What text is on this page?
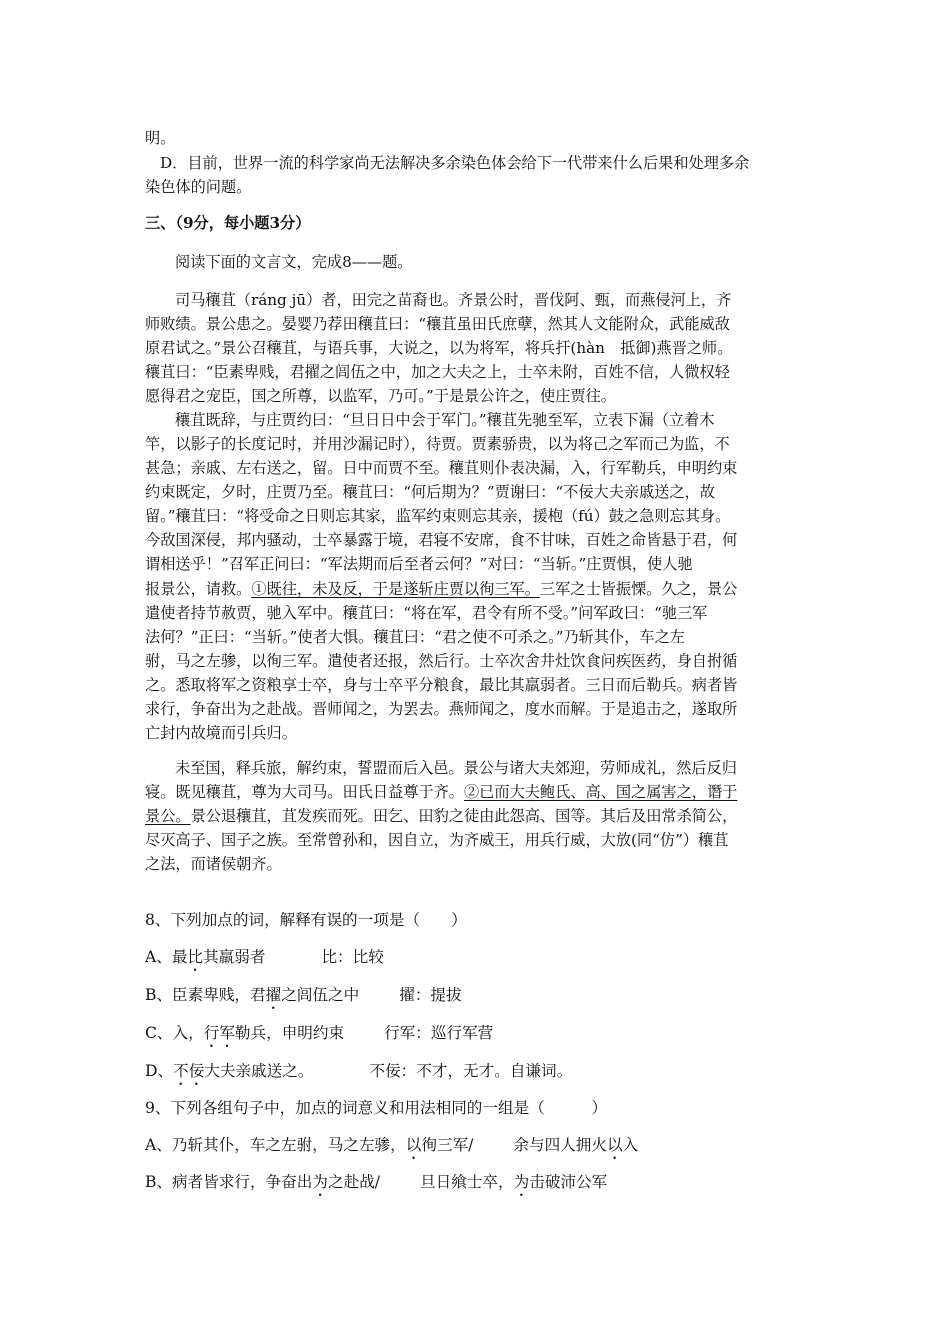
明。
D．目前，世界一流的科学家尚无法解决多余染色体会给下一代带来什么后果和处理多余
染色体的问题。
三、（9分，每小题3分）
阅读下面的文言文，完成8——题。
司马穰苴（ráng jū）者，田完之苗裔也。齐景公时，晋伐阿、甄，而燕侵河上，齐
师败绩。景公患之。晏婴乃荐田穰苴曰：“穰苴虽田氏庶孽，然其人文能附众，武能威敌
原君试之。”景公召穰苴，与语兵事，大说之，以为将军，将兵扞(hàn　抵御)燕晋之师。
穰苴曰：“臣素卑贱，君擢之闾伍之中，加之大夫之上，士卒未附，百姓不信，人微权轻
愿得君之宠臣，国之所尊，以监军，乃可。”于是景公许之，使庄贾往。
穰苴既辞，与庄贾约曰：“旦日日中会于军门。”穰苴先驰至军，立表下漏（立着木
竿，以影子的长度记时，并用沙漏记时），待贾。贾素骄贵，以为将己之军而己为监，不
甚急；亲戚、左右送之，留。日中而贾不至。穰苴则仆表决漏，入，行军勒兵，申明约束
约束既定，夕时，庄贾乃至。穰苴曰：“何后期为？”贾谢曰：“不佞大夫亲戚送之，故
留。”穰苴曰：“将受命之日则忘其家，监军约束则忘其亲，援枹（fú）鼓之急则忘其身。
今敌国深侵，邦内骚动，士卒暴露于境，君寝不安席，食不甘味，百姓之命皆悬于君，何
谓相送乎！”召军正问曰：“军法期而后至者云何？”对曰：“当斩。”庄贾惧，使人驰
报景公，请救。①既往，未及反，于是遂斩庄贾以徇三军。三军之士皆振慄。久之，景公
遣使者持节赦贾，驰入军中。穰苴曰：“将在军，君令有所不受。”问军政曰：“驰三军
法何？”正曰：“当斩。”使者大惧。穰苴曰：“君之使不可杀之。”乃斩其仆，车之左
驸，马之左骖，以徇三军。遣使者还报，然后行。士卒次舍井灶饮食问疾医药，身自拊循
之。悉取将军之资粮享士卒，身与士卒平分粮食，最比其羸弱者。三日而后勒兵。病者皆
求行，争奋出为之赴战。晋师闻之，为罢去。燕师闻之，度水而解。于是追击之，遂取所
亡封内故境而引兵归。
未至国，释兵旅，解约束，誓盟而后入邑。景公与诸大夫郊迎，劳师成礼，然后反归
寝。既见穰苴，尊为大司马。田氏日益尊于齐。②已而大夫鲍氏、高、国之属害之，谮于
景公。景公退穰苴，苴发疾而死。田乞、田豹之徒由此怨高、国等。其后及田常杀简公，
尽灭高子、国子之族。至常曾孙和，因自立，为齐威王，用兵行威，大放(同“仿”）穰苴
之法，而诸侯朝齐。
8、下列加点的词，解释有误的一项是（　　）
A、最比其羸弱者	比：比较
B、臣素卑贱，君擢之闾伍之中	擢：提拔
C、入，行军勒兵，申明约束	行军：巡行军营
D、不佞大夫亲戚送之。	不佞：不才，无才。自谦词。
9、下列各组句子中，加点的词意义和用法相同的一组是（　　　）
A、乃斩其仆，车之左驸，马之左骖，以徇三军/	余与四人拥火以入
B、病者皆求行，争奋出为之赴战/	旦日飨士卒，为击破沛公军
